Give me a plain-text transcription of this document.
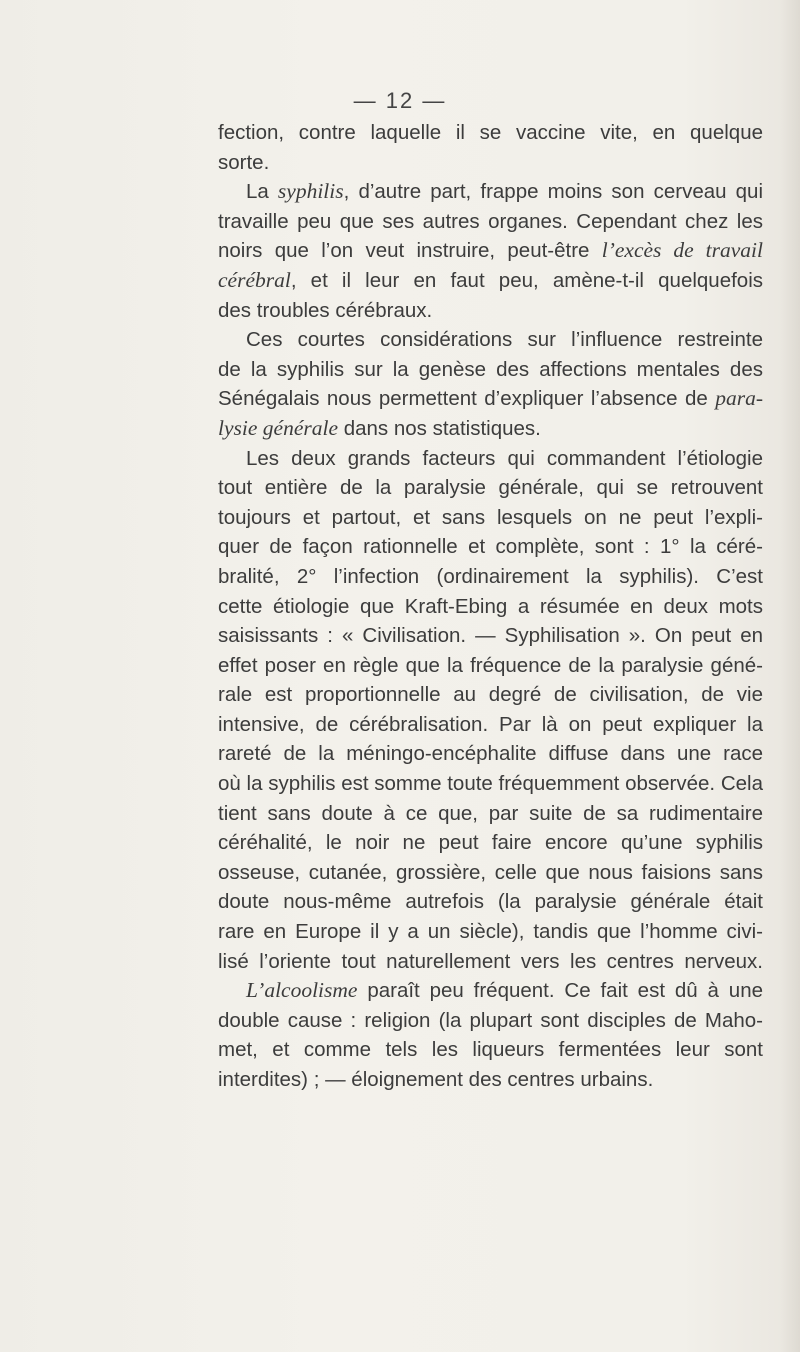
— 12 —
fection, contre laquelle il se vaccine vite, en quelque
sorte.
La syphilis, d’autre part, frappe moins son cerveau qui
travaille peu que ses autres organes. Cependant chez les
noirs que l’on veut instruire, peut-être l’excès de travail
cérébral, et il leur en faut peu, amène-t-il quelquefois
des troubles cérébraux.
Ces courtes considérations sur l’influence restreinte
de la syphilis sur la genèse des affections mentales des
Sénégalais nous permettent d’expliquer l’absence de para-
lysie générale dans nos statistiques.
Les deux grands facteurs qui commandent l’étiologie
tout entière de la paralysie générale, qui se retrouvent
toujours et partout, et sans lesquels on ne peut l’expli-
quer de façon rationnelle et complète, sont : 1° la céré-
bralité, 2° l’infection (ordinairement la syphilis). C’est
cette étiologie que Kraft-Ebing a résumée en deux mots
saisissants : « Civilisation. — Syphilisation ». On peut en
effet poser en règle que la fréquence de la paralysie géné-
rale est proportionnelle au degré de civilisation, de vie
intensive, de cérébralisation. Par là on peut expliquer la
rareté de la méningo-encéphalite diffuse dans une race
où la syphilis est somme toute fréquemment observée. Cela
tient sans doute à ce que, par suite de sa rudimentaire
céréhalité, le noir ne peut faire encore qu’une syphilis
osseuse, cutanée, grossière, celle que nous faisions sans
doute nous-même autrefois (la paralysie générale était
rare en Europe il y a un siècle), tandis que l’homme civi-
lisé l’oriente tout naturellement vers les centres nerveux.
L’alcoolisme paraît peu fréquent. Ce fait est dû à une
double cause : religion (la plupart sont disciples de Maho-
met, et comme tels les liqueurs fermentées leur sont
interdites) ; — éloignement des centres urbains.
